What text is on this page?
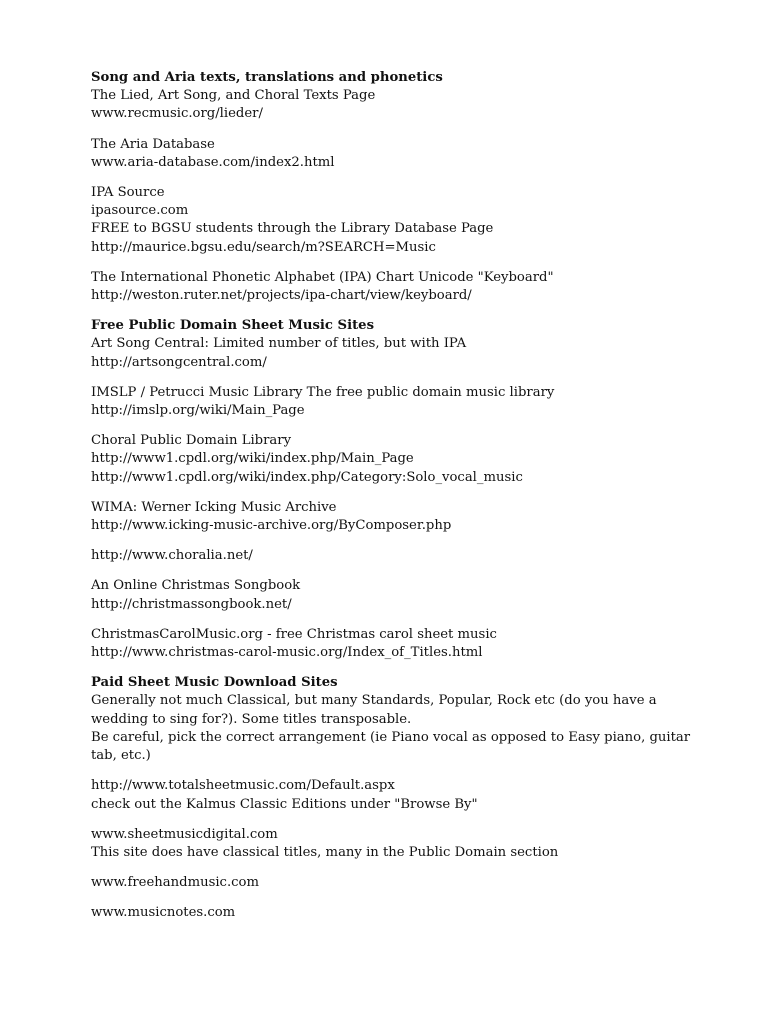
Song and Aria texts, translations and phonetics
The Lied, Art Song, and Choral Texts Page
www.recmusic.org/lieder/
The Aria Database
www.aria-database.com/index2.html
IPA Source
ipasource.com
FREE to BGSU students through the Library Database Page
http://maurice.bgsu.edu/search/m?SEARCH=Music
The International Phonetic Alphabet (IPA) Chart Unicode "Keyboard"
http://weston.ruter.net/projects/ipa-chart/view/keyboard/
Free Public Domain Sheet Music Sites
Art Song Central: Limited number of titles, but with IPA
http://artsongcentral.com/
IMSLP / Petrucci Music Library The free public domain music library
http://imslp.org/wiki/Main_Page
Choral Public Domain Library
http://www1.cpdl.org/wiki/index.php/Main_Page
http://www1.cpdl.org/wiki/index.php/Category:Solo_vocal_music
WIMA: Werner Icking Music Archive
http://www.icking-music-archive.org/ByComposer.php
http://www.choralia.net/
An Online Christmas Songbook
http://christmassongbook.net/
ChristmasCarolMusic.org - free Christmas carol sheet music
http://www.christmas-carol-music.org/Index_of_Titles.html
Paid Sheet Music Download Sites
Generally not much Classical, but many Standards, Popular, Rock etc (do you have a wedding to sing for?). Some titles transposable.
Be careful, pick the correct arrangement (ie Piano vocal as opposed to Easy piano, guitar tab, etc.)
http://www.totalsheetmusic.com/Default.aspx
check out the Kalmus Classic Editions under "Browse By"
www.sheetmusicdigital.com
This site does have classical titles, many in the Public Domain section
www.freehandmusic.com
www.musicnotes.com
